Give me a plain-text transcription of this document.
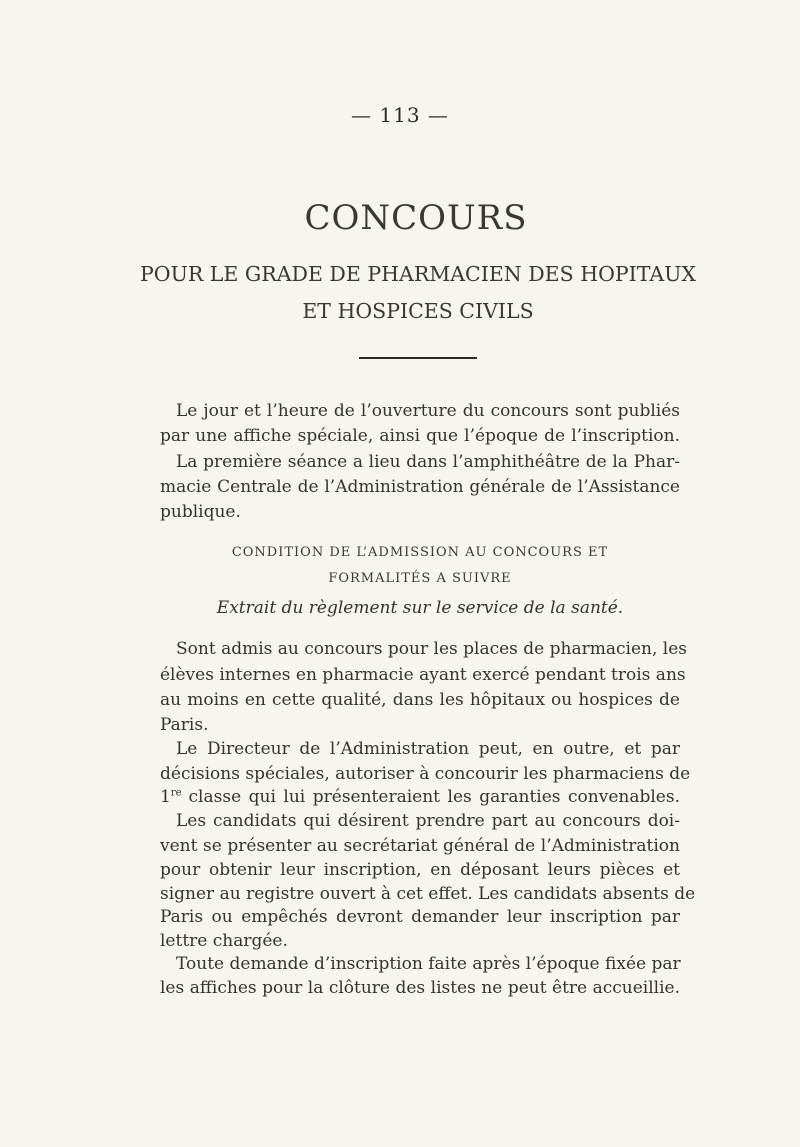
— 113 —
CONCOURS
POUR LE GRADE DE PHARMACIEN DES HOPITAUX
ET HOSPICES CIVILS
Le jour et l’heure de l’ouverture du concours sont publiés
par une affiche spéciale, ainsi que l’époque de l’inscription.
La première séance a lieu dans l’amphithéâtre de la Phar-
macie Centrale de l’Administration générale de l’Assistance
publique.
CONDITION DE L’ADMISSION AU CONCOURS ET
FORMALITÉS A SUIVRE
Extrait du règlement sur le service de la santé.
Sont admis au concours pour les places de pharmacien, les
élèves internes en pharmacie ayant exercé pendant trois ans
au moins en cette qualité, dans les hôpitaux ou hospices de
Paris.
Le Directeur de l’Administration peut, en outre, et par
décisions spéciales, autoriser à concourir les pharmaciens de
1re classe qui lui présenteraient les garanties convenables.
Les candidats qui désirent prendre part au concours doi-
vent se présenter au secrétariat général de l’Administration
pour obtenir leur inscription, en déposant leurs pièces et
signer au registre ouvert à cet effet. Les candidats absents de
Paris ou empêchés devront demander leur inscription par
lettre chargée.
Toute demande d’inscription faite après l’époque fixée par
les affiches pour la clôture des listes ne peut être accueillie.
